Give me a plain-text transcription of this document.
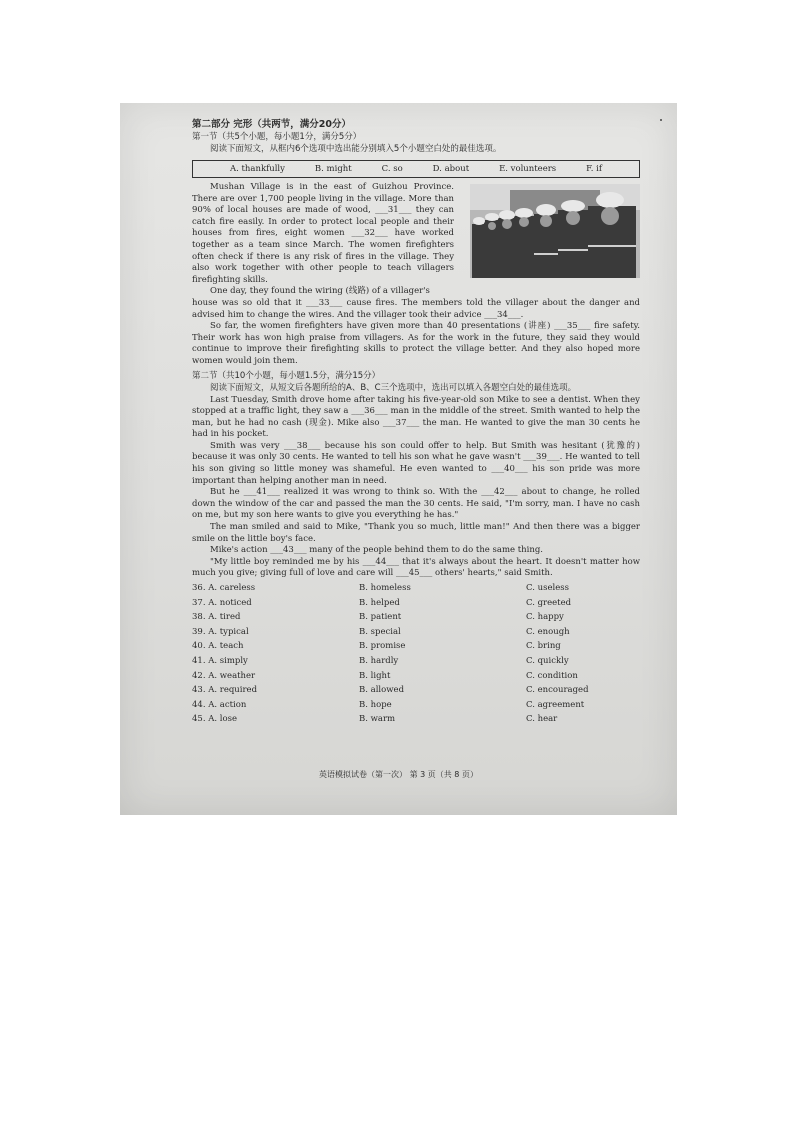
第二部分 完形（共两节，满分20分）
第一节（共5个小题，每小题1分，满分5分）
阅读下面短文，从框内6个选项中选出能分别填入5个小题空白处的最佳选项。
A. thankfully	B. might	C. so	D. about	E. volunteers	F. if

Mushan Village is in the east of Guizhou Province. There are over 1,700 people living in the village. More than 90% of local houses are made of wood, ___31___ they can catch fire easily. In order to protect local people and their houses from fires, eight women ___32___ have worked together as a team since March. The women firefighters often check if there is any risk of fires in the village. They also work together with other people to teach villagers firefighting skills.

One day, they found the wiring (线路) of a villager's

house was so old that it ___33___ cause fires. The members told the villager about the danger and advised him to change the wires. And the villager took their advice ___34___.

So far, the women firefighters have given more than 40 presentations (讲座) ___35___ fire safety. Their work has won high praise from villagers. As for the work in the future, they said they would continue to improve their firefighting skills to protect the village better. And they also hoped more women would join them.

第二节（共10个小题，每小题1.5分，满分15分）
阅读下面短文，从短文后各题所给的A、B、C三个选项中，选出可以填入各题空白处的最佳选项。

Last Tuesday, Smith drove home after taking his five-year-old son Mike to see a dentist. When they stopped at a traffic light, they saw a ___36___ man in the middle of the street. Smith wanted to help the man, but he had no cash (现金). Mike also ___37___ the man. He wanted to give the man 30 cents he had in his pocket.

Smith was very ___38___ because his son could offer to help. But Smith was hesitant (犹豫的) because it was only 30 cents. He wanted to tell his son what he gave wasn't ___39___. He wanted to tell his son giving so little money was shameful. He even wanted to ___40___ his son pride was more important than helping another man in need.

But he ___41___ realized it was wrong to think so. With the ___42___ about to change, he rolled down the window of the car and passed the man the 30 cents. He said, "I'm sorry, man. I have no cash on me, but my son here wants to give you everything he has."

The man smiled and said to Mike, "Thank you so much, little man!" And then there was a bigger smile on the little boy's face.

Mike's action ___43___ many of the people behind them to do the same thing.

"My little boy reminded me by his ___44___ that it's always about the heart. It doesn't matter how much you give; giving full of love and care will ___45___ others' hearts," said Smith.

36. A. careless	B. homeless	C. useless
37. A. noticed	B. helped	C. greeted
38. A. tired	B. patient	C. happy
39. A. typical	B. special	C. enough
40. A. teach	B. promise	C. bring
41. A. simply	B. hardly	C. quickly
42. A. weather	B. light	C. condition
43. A. required	B. allowed	C. encouraged
44. A. action	B. hope	C. agreement
45. A. lose	B. warm	C. hear
英语模拟试卷（第一次） 第 3 页（共 8 页）
